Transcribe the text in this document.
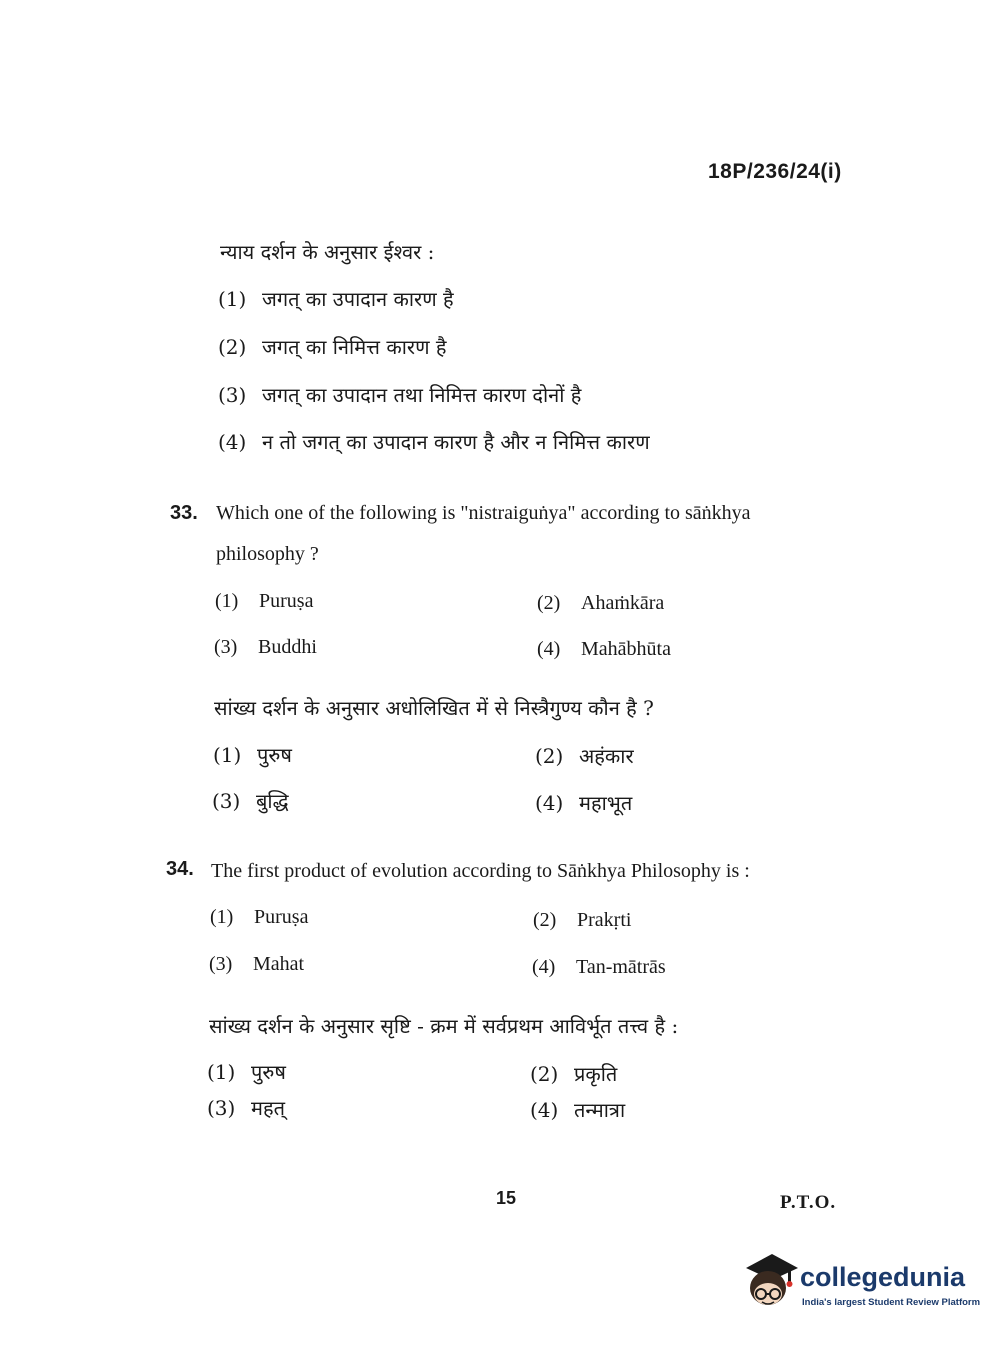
18P/236/24(i)
न्याय दर्शन के अनुसार ईश्वर :
(1) जगत् का उपादान कारण है
(2) जगत् का निमित्त कारण है
(3) जगत् का उपादान तथा निमित्त कारण दोनों है
(4) न तो जगत् का उपादान कारण है और न निमित्त कारण
33. Which one of the following is "nistraiguṅya" according to sāṅkhya
philosophy ?
(1) Puruṣa	(2) Ahaṁkāra
(3) Buddhi	(4) Mahābhūta
सांख्य दर्शन के अनुसार अधोलिखित में से निस्त्रैगुण्य कौन है ?
(1) पुरुष	(2) अहंकार
(3) बुद्धि	(4) महाभूत
34. The first product of evolution according to Sāṅkhya Philosophy is :
(1) Puruṣa	(2) Prakṛti
(3) Mahat	(4) Tan-mātrās
सांख्य दर्शन के अनुसार सृष्टि - क्रम में सर्वप्रथम आविर्भूत तत्त्व है :
(1) पुरुष	(2) प्रकृति
(3) महत्	(4) तन्मात्रा
15	P.T.O.
collegedunia
India's largest Student Review Platform
